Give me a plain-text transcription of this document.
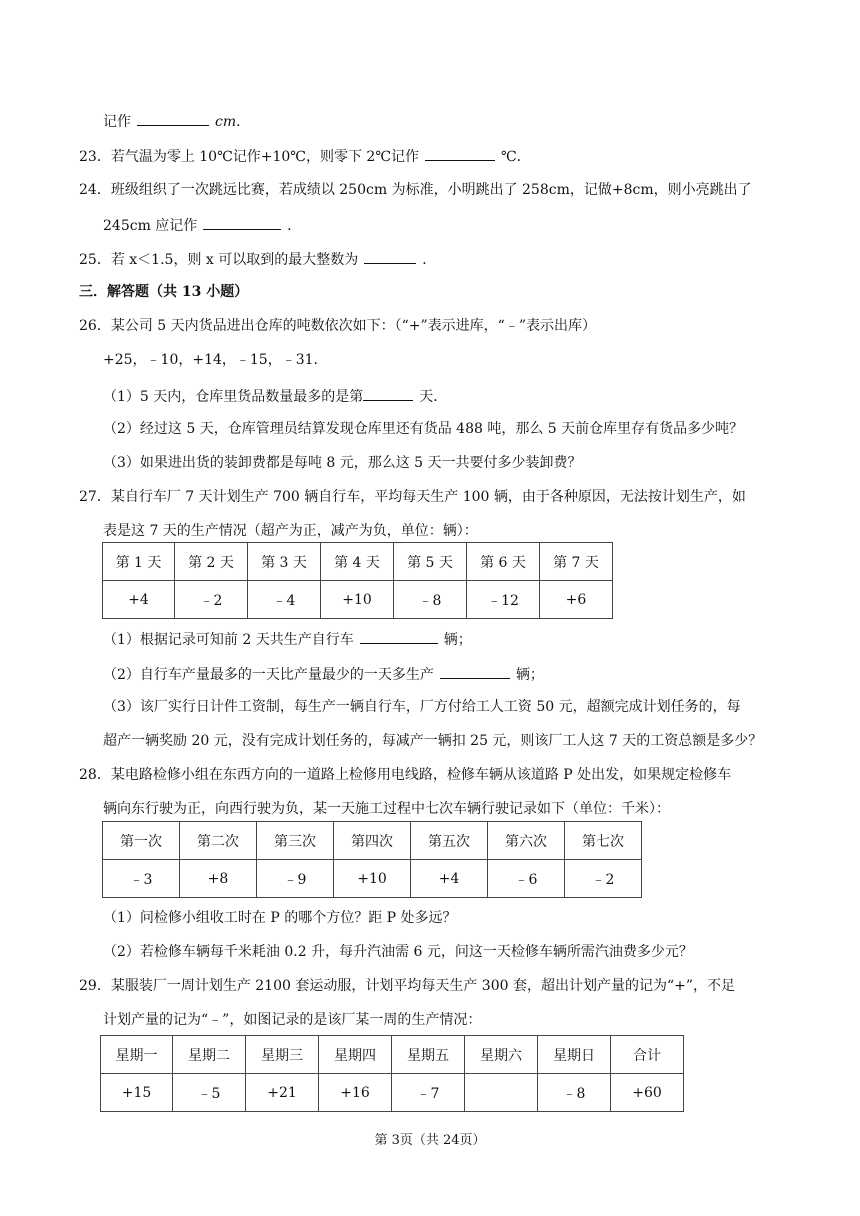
记作	cm．
23．若气温为零上 10℃记作+10℃，则零下 2℃记作	℃．
24．班级组织了一次跳远比赛，若成绩以 250cm 为标准，小明跳出了 258cm，记做+8cm，则小亮跳出了
245cm 应记作	．
25．若 x＜1.5，则 x 可以取到的最大整数为	．
三．解答题（共 13 小题）
26．某公司 5 天内货品进出仓库的吨数依次如下：（“+”表示进库，“﹣”表示出库）
+25，﹣10，+14，﹣15，﹣31．
（1）5 天内，仓库里货品数量最多的是第	天．
（2）经过这 5 天，仓库管理员结算发现仓库里还有货品 488 吨，那么 5 天前仓库里存有货品多少吨？
（3）如果进出货的装卸费都是每吨 8 元，那么这 5 天一共要付多少装卸费？
27．某自行车厂 7 天计划生产 700 辆自行车，平均每天生产 100 辆，由于各种原因，无法按计划生产，如
表是这 7 天的生产情况（超产为正，减产为负，单位：辆）：
第 1 天	第 2 天	第 3 天	第 4 天	第 5 天	第 6 天	第 7 天
+4	﹣2	﹣4	+10	﹣8	﹣12	+6
（1）根据记录可知前 2 天共生产自行车	辆；
（2）自行车产量最多的一天比产量最少的一天多生产	辆；
（3）该厂实行日计件工资制，每生产一辆自行车，厂方付给工人工资 50 元，超额完成计划任务的，每
超产一辆奖励 20 元，没有完成计划任务的，每减产一辆扣 25 元，则该厂工人这 7 天的工资总额是多少？
28．某电路检修小组在东西方向的一道路上检修用电线路，检修车辆从该道路 P 处出发，如果规定检修车
辆向东行驶为正，向西行驶为负，某一天施工过程中七次车辆行驶记录如下（单位：千米）：
第一次	第二次	第三次	第四次	第五次	第六次	第七次
﹣3	+8	﹣9	+10	+4	﹣6	﹣2
（1）问检修小组收工时在 P 的哪个方位？距 P 处多远？
（2）若检修车辆每千米耗油 0.2 升，每升汽油需 6 元，问这一天检修车辆所需汽油费多少元？
29．某服装厂一周计划生产 2100 套运动服，计划平均每天生产 300 套，超出计划产量的记为“+”，不足
计划产量的记为“﹣”，如图记录的是该厂某一周的生产情况：
星期一	星期二	星期三	星期四	星期五	星期六	星期日	合计
+15	﹣5	+21	+16	﹣7		﹣8	+60
第 3页（共 24页）
